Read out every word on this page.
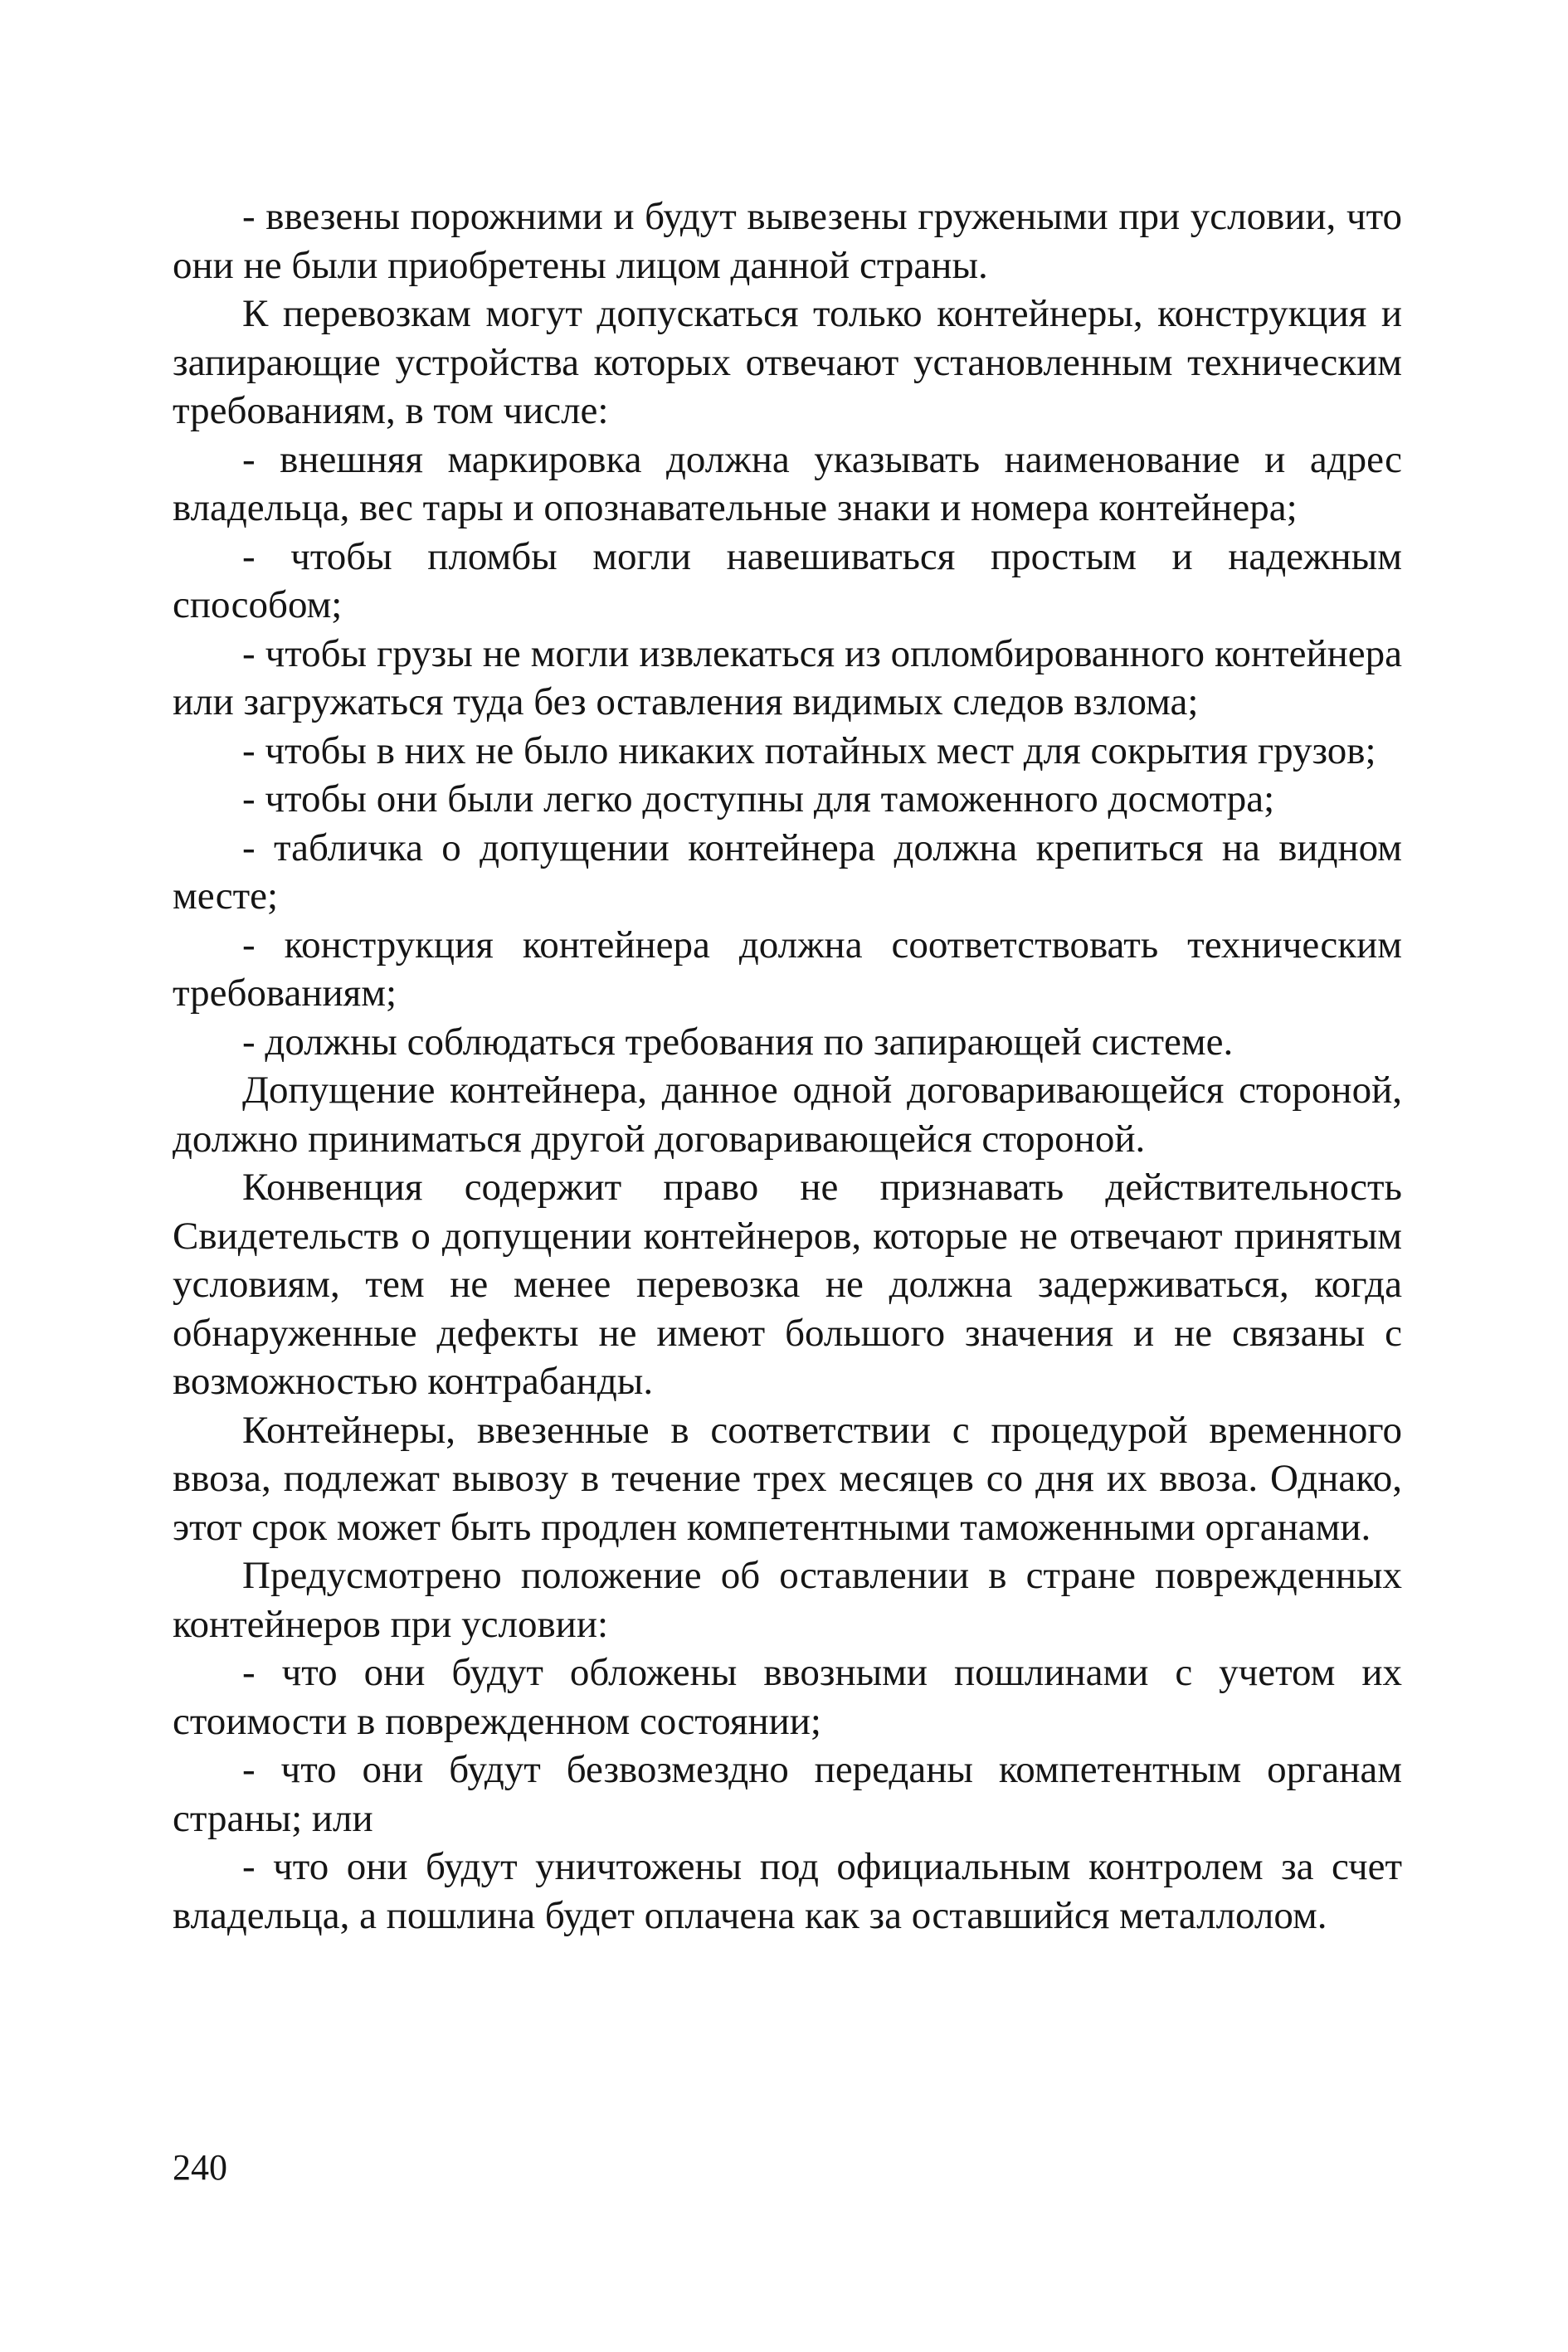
- ввезены порожними и будут вывезены гружеными при условии, что они не были приобретены лицом данной страны.

К перевозкам могут допускаться только контейнеры, конструкция и запирающие устройства которых отвечают установленным техническим требованиям, в том числе:

- внешняя маркировка должна указывать наименование и адрес владельца, вес тары и опознавательные знаки и номера контейнера;

- чтобы пломбы могли навешиваться простым и надежным способом;

- чтобы грузы не могли извлекаться из опломбированного контейнера или загружаться туда без оставления видимых следов взлома;

- чтобы в них не было никаких потайных мест для сокрытия грузов;

- чтобы они были легко доступны для таможенного досмотра;

- табличка о допущении контейнера должна крепиться на видном месте;

- конструкция контейнера должна соответствовать техническим требованиям;

- должны соблюдаться требования по запирающей системе.

Допущение контейнера, данное одной договаривающейся стороной, должно приниматься другой договаривающейся стороной.

Конвенция содержит право не признавать действительность Свидетельств о допущении контейнеров, которые не отвечают принятым условиям, тем не менее перевозка не должна задерживаться, когда обнаруженные дефекты не имеют большого значения и не связаны с возможностью контрабанды.

Контейнеры, ввезенные в соответствии с процедурой временного ввоза, подлежат вывозу в течение трех месяцев со дня их ввоза. Однако, этот срок может быть продлен компетентными таможенными органами.

Предусмотрено положение об оставлении в стране поврежденных контейнеров при условии:

- что они будут обложены ввозными пошлинами с учетом их стоимости в поврежденном состоянии;

- что они будут безвозмездно переданы компетентным органам страны; или

- что они будут уничтожены под официальным контролем за счет владельца, а пошлина будет оплачена как за оставшийся металлолом.

240
